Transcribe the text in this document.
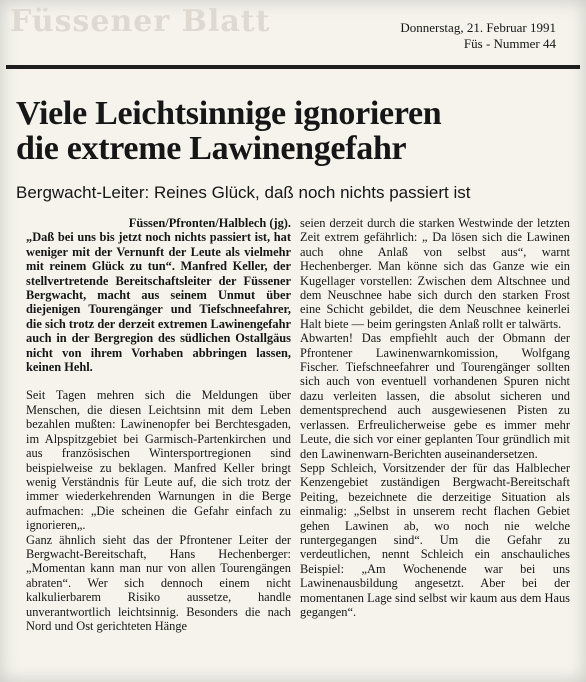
Füssener Blatt	Donnerstag, 21. Februar 1991
Füs - Nummer 44
Viele Leichtsinnige ignorieren
die extreme Lawinengefahr
Bergwacht-Leiter: Reines Glück, daß noch nichts passiert ist

Füssen/Pfronten/Halblech (jg).

„Daß bei uns bis jetzt noch nichts passiert ist, hat weniger mit der Vernunft der Leute als vielmehr mit reinem Glück zu tun“. Manfred Keller, der stellvertretende Bereitschaftsleiter der Füssener Bergwacht, macht aus seinem Unmut über diejenigen Tourengänger und Tiefschneefahrer, die sich trotz der derzeit extremen Lawinengefahr auch in der Bergregion des südlichen Ostallgäus nicht von ihrem Vorhaben abbringen lassen, keinen Hehl.

Seit Tagen mehren sich die Meldungen über Menschen, die diesen Leichtsinn mit dem Leben bezahlen mußten: Lawinenopfer bei Berchtesgaden, im Alpspitzgebiet bei Garmisch-Partenkirchen und aus französischen Wintersportregionen sind beispielweise zu beklagen. Manfred Keller bringt wenig Verständnis für Leute auf, die sich trotz der immer wiederkehrenden Warnungen in die Berge aufmachen: „Die scheinen die Gefahr einfach zu ignorieren„.

Ganz ähnlich sieht das der Pfrontener Leiter der Bergwacht-Bereitschaft, Hans Hechenberger: „Momentan kann man nur von allen Tourengängen abraten“. Wer sich dennoch einem nicht kalkulierbarem Risiko aussetze, handle unverantwortlich leichtsinnig. Besonders die nach Nord und Ost gerichteten Hänge

seien derzeit durch die starken Westwinde der letzten Zeit extrem gefährlich: „ Da lösen sich die Lawinen auch ohne Anlaß von selbst aus“, warnt Hechenberger. Man könne sich das Ganze wie ein Kugellager vorstellen: Zwischen dem Altschnee und dem Neuschnee habe sich durch den starken Frost eine Schicht gebildet, die dem Neuschnee keinerlei Halt biete — beim geringsten Anlaß rollt er talwärts.

Abwarten! Das empfiehlt auch der Obmann der Pfrontener Lawinenwarnkomission, Wolfgang Fischer. Tiefschneefahrer und Tourengänger sollten sich auch von eventuell vorhandenen Spuren nicht dazu verleiten lassen, die absolut sicheren und dementsprechend auch ausgewiesenen Pisten zu verlassen. Erfreulicherweise gebe es immer mehr Leute, die sich vor einer geplanten Tour gründlich mit den Lawinenwarn-Berichten auseinandersetzen.

Sepp Schleich, Vorsitzender der für das Halblecher Kenzengebiet zuständigen Bergwacht-Bereitschaft Peiting, bezeichnete die derzeitige Situation als einmalig: „Selbst in unserem recht flachen Gebiet gehen Lawinen ab, wo noch nie welche runtergegangen sind“. Um die Gefahr zu verdeutlichen, nennt Schleich ein anschauliches Beispiel: „Am Wochenende war bei uns Lawinenausbildung angesetzt. Aber bei der momentanen Lage sind selbst wir kaum aus dem Haus gegangen“.
